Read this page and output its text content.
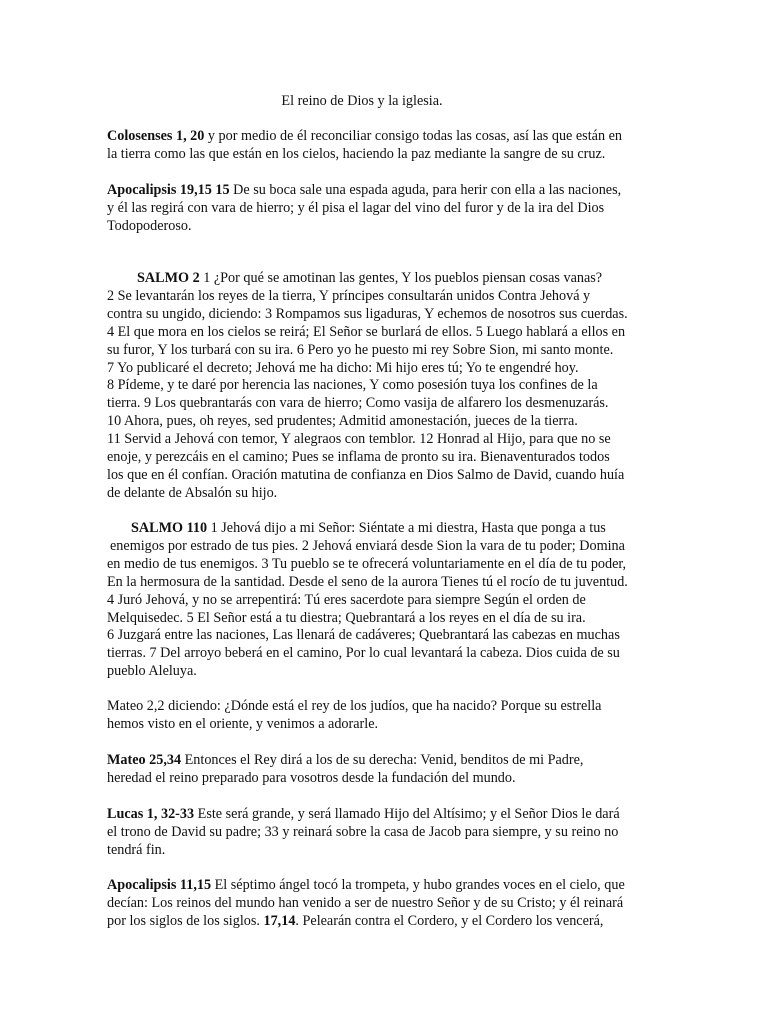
El reino de Dios y la iglesia.

Colosenses 1, 20 y por medio de él reconciliar consigo todas las cosas, así las que están en
la tierra como las que están en los cielos, haciendo la paz mediante la sangre de su cruz.

Apocalipsis 19,15 15 De su boca sale una espada aguda, para herir con ella a las naciones,
y él las regirá con vara de hierro; y él pisa el lagar del vino del furor y de la ira del Dios
Todopoderoso.

SALMO 2 1 ¿Por qué se amotinan las gentes, Y los pueblos piensan cosas vanas?
2 Se levantarán los reyes de la tierra, Y príncipes consultarán unidos Contra Jehová y
contra su ungido, diciendo: 3 Rompamos sus ligaduras, Y echemos de nosotros sus cuerdas.
4 El que mora en los cielos se reirá; El Señor se burlará de ellos. 5 Luego hablará a ellos en
su furor, Y los turbará con su ira. 6 Pero yo he puesto mi rey Sobre Sion, mi santo monte.
7 Yo publicaré el decreto; Jehová me ha dicho: Mi hijo eres tú; Yo te engendré hoy.
8 Pídeme, y te daré por herencia las naciones, Y como posesión tuya los confines de la
tierra. 9 Los quebrantarás con vara de hierro; Como vasija de alfarero los desmenuzarás.
10 Ahora, pues, oh reyes, sed prudentes; Admitid amonestación, jueces de la tierra.
11 Servid a Jehová con temor, Y alegraos con temblor. 12 Honrad al Hijo, para que no se
enoje, y perezcáis en el camino; Pues se inflama de pronto su ira. Bienaventurados todos
los que en él confían. Oración matutina de confianza en Dios Salmo de David, cuando huía
de delante de Absalón su hijo.

SALMO 110 1 Jehová dijo a mi Señor: Siéntate a mi diestra, Hasta que ponga a tus
enemigos por estrado de tus pies. 2 Jehová enviará desde Sion la vara de tu poder; Domina
en medio de tus enemigos. 3 Tu pueblo se te ofrecerá voluntariamente en el día de tu poder,
En la hermosura de la santidad. Desde el seno de la aurora Tienes tú el rocío de tu juventud.
4 Juró Jehová, y no se arrepentirá: Tú eres sacerdote para siempre Según el orden de
Melquisedec. 5 El Señor está a tu diestra; Quebrantará a los reyes en el día de su ira.
6 Juzgará entre las naciones, Las llenará de cadáveres; Quebrantará las cabezas en muchas
tierras. 7 Del arroyo beberá en el camino, Por lo cual levantará la cabeza. Dios cuida de su
pueblo Aleluya.

Mateo 2,2 diciendo: ¿Dónde está el rey de los judíos, que ha nacido? Porque su estrella
hemos visto en el oriente, y venimos a adorarle.

Mateo 25,34 Entonces el Rey dirá a los de su derecha: Venid, benditos de mi Padre,
heredad el reino preparado para vosotros desde la fundación del mundo.

Lucas 1, 32-33 Este será grande, y será llamado Hijo del Altísimo; y el Señor Dios le dará
el trono de David su padre; 33 y reinará sobre la casa de Jacob para siempre, y su reino no
tendrá fin.

Apocalipsis 11,15 El séptimo ángel tocó la trompeta, y hubo grandes voces en el cielo, que
decían: Los reinos del mundo han venido a ser de nuestro Señor y de su Cristo; y él reinará
por los siglos de los siglos. 17,14. Pelearán contra el Cordero, y el Cordero los vencerá,
